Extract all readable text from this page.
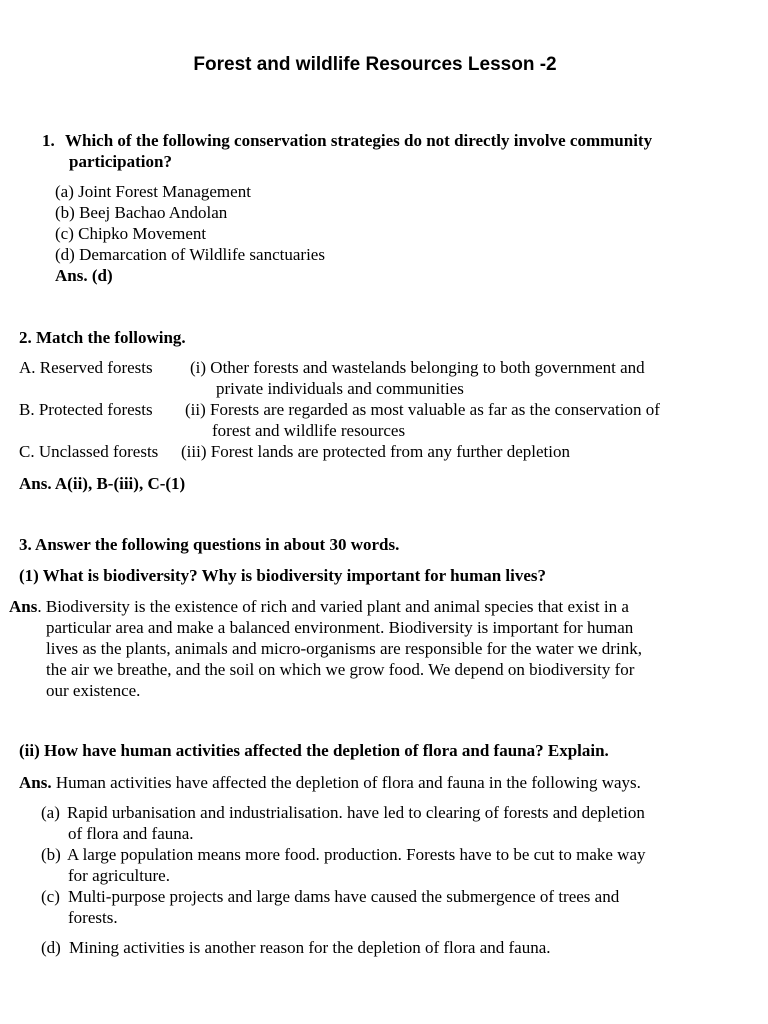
Forest and wildlife Resources Lesson -2
1. Which of the following conservation strategies do not directly involve community
participation?
(a) Joint Forest Management
(b) Beej Bachao Andolan
(c) Chipko Movement
(d) Demarcation of Wildlife sanctuaries
Ans. (d)
2. Match the following.
A. Reserved forests (i) Other forests and wastelands belonging to both government and
private individuals and communities
B. Protected forests (ii) Forests are regarded as most valuable as far as the conservation of
forest and wildlife resources
C. Unclassed forests (iii) Forest lands are protected from any further depletion
Ans. A(ii), B-(iii), C-(1)
3. Answer the following questions in about 30 words.
(1) What is biodiversity? Why is biodiversity important for human lives?
Ans. Biodiversity is the existence of rich and varied plant and animal species that exist in a
particular area and make a balanced environment. Biodiversity is important for human
lives as the plants, animals and micro-organisms are responsible for the water we drink,
the air we breathe, and the soil on which we grow food. We depend on biodiversity for
our existence.
(ii) How have human activities affected the depletion of flora and fauna? Explain.
Ans. Human activities have affected the depletion of flora and fauna in the following ways.
(a) Rapid urbanisation and industrialisation. have led to clearing of forests and depletion
of flora and fauna.
(b) A large population means more food. production. Forests have to be cut to make way
for agriculture.
(c) Multi-purpose projects and large dams have caused the submergence of trees and
forests.
(d) Mining activities is another reason for the depletion of flora and fauna.
